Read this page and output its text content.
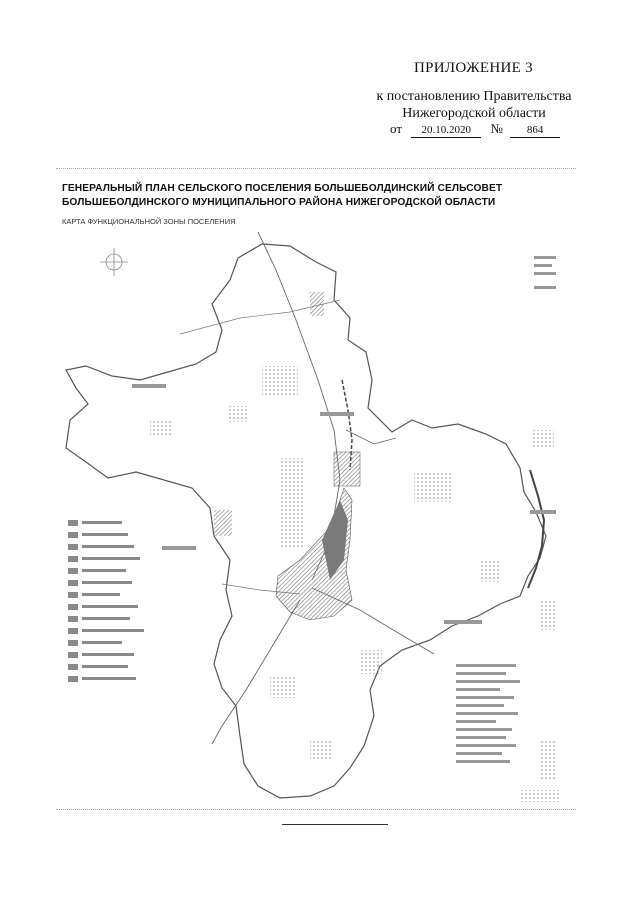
ПРИЛОЖЕНИЕ 3
к постановлению Правительства
Нижегородской области
от 20.10.2020 № 864
ГЕНЕРАЛЬНЫЙ ПЛАН СЕЛЬСКОГО ПОСЕЛЕНИЯ БОЛЬШЕБОЛДИНСКИЙ СЕЛЬСОВЕТ
БОЛЬШЕБОЛДИНСКОГО МУНИЦИПАЛЬНОГО РАЙОНА НИЖЕГОРОДСКОЙ ОБЛАСТИ
КАРТА ФУНКЦИОНАЛЬНОЙ ЗОНЫ ПОСЕЛЕНИЯ
